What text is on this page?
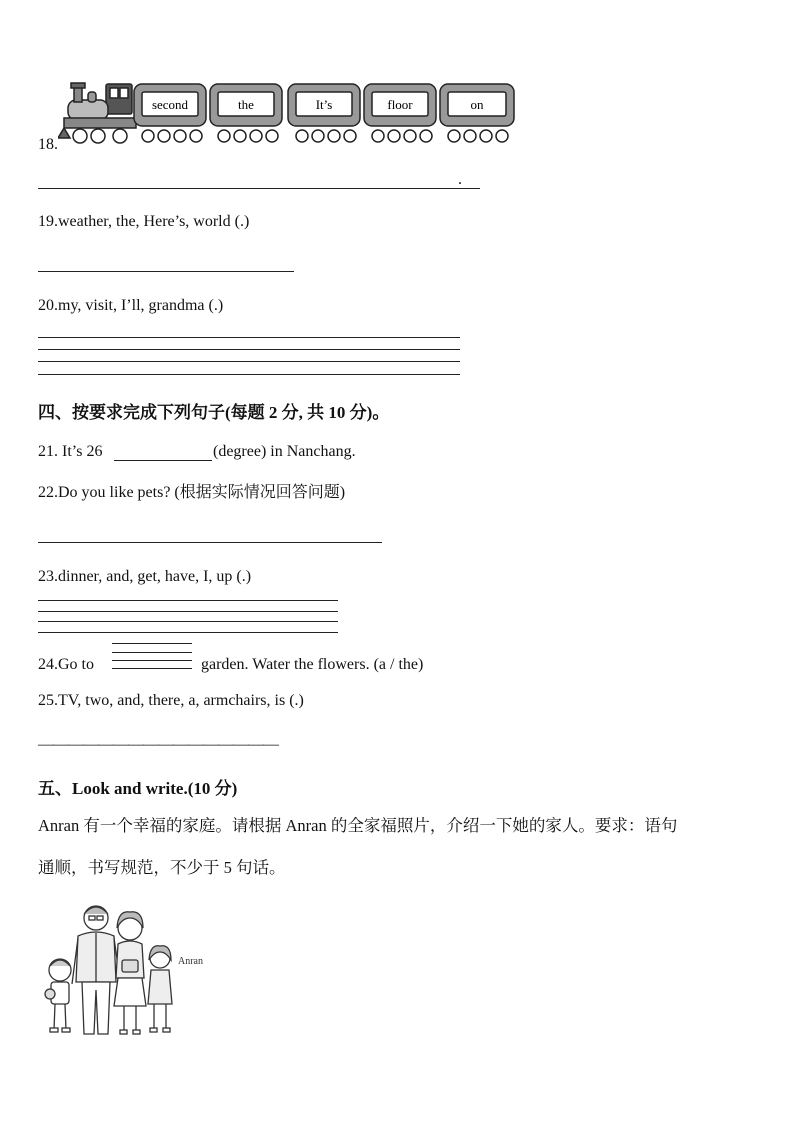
second	the	It’s	floor	on
18.
.
19.weather, the, Here’s, world (.)
20.my, visit, I’ll, grandma (.)
四、按要求完成下列句子(每题 2 分, 共 10 分)。
21. It’s 26	(degree) in Nanchang.
22.Do you like pets? (根据实际情况回答问题)
23.dinner, and, get, have, I, up (.)
24.Go to	garden. Water the flowers. (a / the)
25.TV, two, and, there, a, armchairs, is (.)
————————————————
五、Look and write.(10 分)
Anran 有一个幸福的家庭。请根据 Anran 的全家福照片，介绍一下她的家人。要求：语句
通顺，书写规范，不少于 5 句话。
Anran
